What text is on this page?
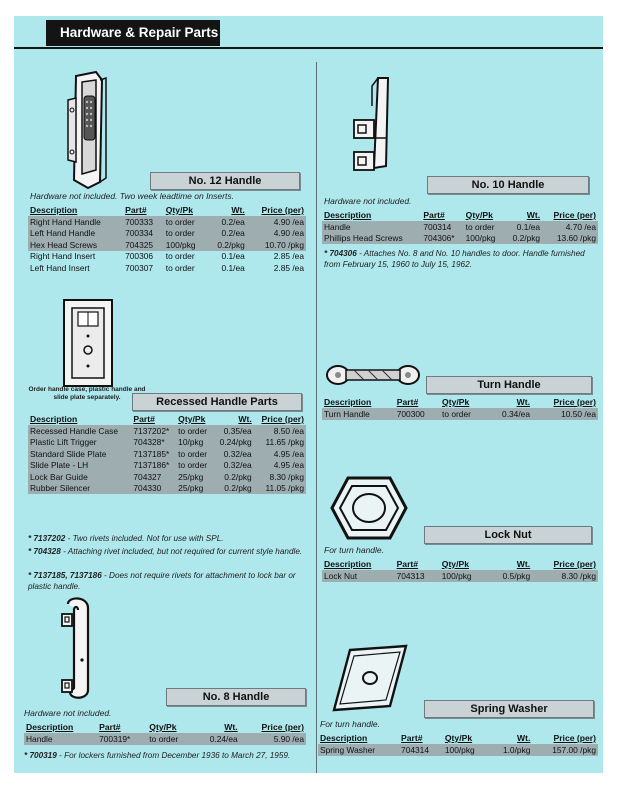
Hardware & Repair Parts
No. 12 Handle
Hardware not included. Two week leadtime on Inserts.
Description	Part#	Qty/Pk	Wt.	Price (per)
Right Hand Handle	700333	to order	0.2/ea	4.90 /ea
Left Hand Handle	700334	to order	0.2/ea	4.90 /ea
Hex Head Screws	704325	100/pkg	0.2/pkg	10.70 /pkg
Right Hand Insert	700306	to order	0.1/ea	2.85 /ea
Left Hand Insert	700307	to order	0.1/ea	2.85 /ea
No. 10 Handle
Hardware not included.
Description	Part#	Qty/Pk	Wt.	Price (per)
Handle	700314	to order	0.1/ea	4.70 /ea
Phillips Head Screws	704306*	100/pkg	0.2/pkg	13.60 /pkg
* 704306 - Attaches No. 8 and No. 10 handles to door. Handle furnished from February 15, 1960 to July 15, 1962.
Order handle case, plastic handle and slide plate separately.	Recessed Handle Parts
Description	Part#	Qty/Pk	Wt.	Price (per)
Recessed Handle Case	7137202*	to order	0.35/ea	8.50 /ea
Plastic Lift Trigger	704328*	10/pkg	0.24/pkg	11.65 /pkg
Standard Slide Plate	7137185*	to order	0.32/ea	4.95 /ea
Slide Plate - LH	7137186*	to order	0.32/ea	4.95 /ea
Lock Bar Guide	704327	25/pkg	0.2/pkg	8.30 /pkg
Rubber Silencer	704330	25/pkg	0.2/pkg	11.05 /pkg
* 7137202 - Two rivets included. Not for use with SPL.
* 704328 - Attaching rivet included, but not required for current style handle.
* 7137185, 7137186 - Does not require rivets for attachment to lock bar or plastic handle.
Turn Handle
Description	Part#	Qty/Pk	Wt.	Price (per)
Turn Handle	700300	to order	0.34/ea	10.50 /ea
Lock Nut
For turn handle.
Description	Part#	Qty/Pk	Wt.	Price (per)
Lock Nut	704313	100/pkg	0.5/pkg	8.30 /pkg
No. 8 Handle
Hardware not included.
Description	Part#	Qty/Pk	Wt.	Price (per)
Handle	700319*	to order	0.24/ea	5.90 /ea
* 700319 - For lockers furnished from December 1936 to March 27, 1959.
Spring Washer
For turn handle.
Description	Part#	Qty/Pk	Wt.	Price (per)
Spring Washer	704314	100/pkg	1.0/pkg	157.00 /pkg
